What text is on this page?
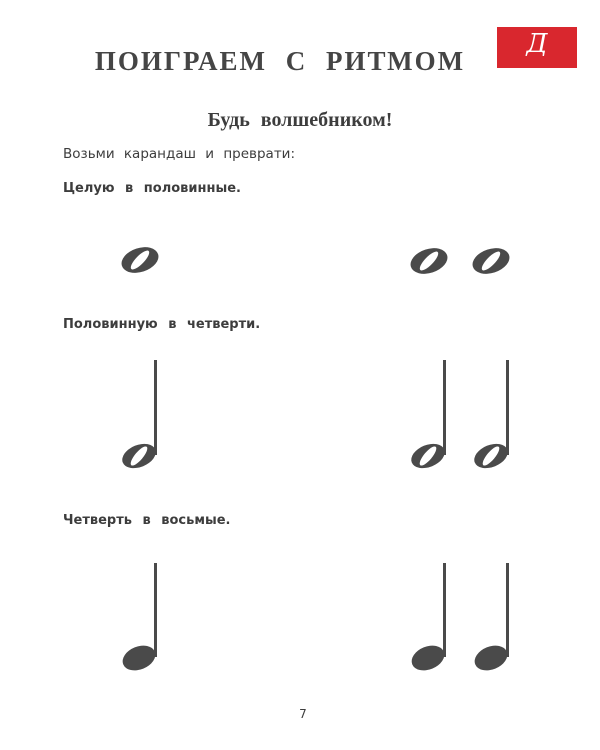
ПОИГРАЕМ С РИТМОМ
Д
Будь волшебником!
Возьми карандаш и преврати:
Целую в половинные.
Половинную в четверти.
Четверть в восьмые.
7
